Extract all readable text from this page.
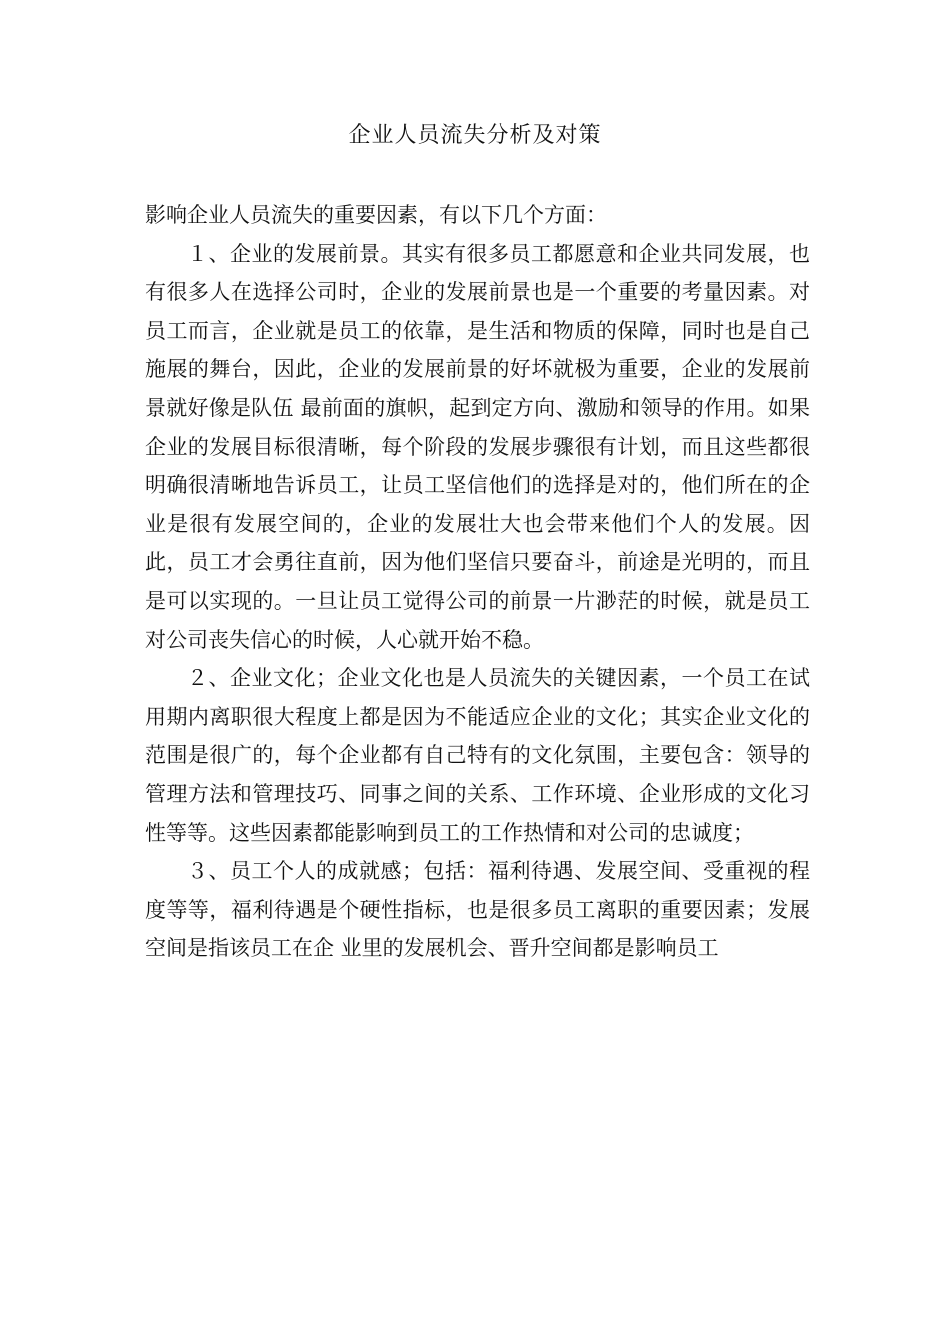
企业人员流失分析及对策

影响企业人员流失的重要因素，有以下几个方面：

１、企业的发展前景。其实有很多员工都愿意和企业共同发展，也有很多人在选择公司时，企业的发展前景也是一个重要的考量因素。对员工而言，企业就是员工的依靠，是生活和物质的保障，同时也是自己施展的舞台，因此，企业的发展前景的好坏就极为重要，企业的发展前景就好像是队伍 最前面的旗帜，起到定方向、激励和领导的作用。如果企业的发展目标很清晰，每个阶段的发展步骤很有计划，而且这些都很明确很清晰地告诉员工，让员工坚信他们的选择是对的，他们所在的企业是很有发展空间的，企业的发展壮大也会带来他们个人的发展。因此，员工才会勇往直前，因为他们坚信只要奋斗，前途是光明的，而且是可以实现的。一旦让员工觉得公司的前景一片渺茫的时候，就是员工对公司丧失信心的时候，人心就开始不稳。

２、企业文化；企业文化也是人员流失的关键因素，一个员工在试用期内离职很大程度上都是因为不能适应企业的文化；其实企业文化的范围是很广的，每个企业都有自己特有的文化氛围，主要包含：领导的管理方法和管理技巧、同事之间的关系、工作环境、企业形成的文化习性等等。这些因素都能影响到员工的工作热情和对公司的忠诚度；

３、员工个人的成就感；包括：福利待遇、发展空间、受重视的程度等等，福利待遇是个硬性指标，也是很多员工离职的重要因素；发展空间是指该员工在企 业里的发展机会、晋升空间都是影响员工
